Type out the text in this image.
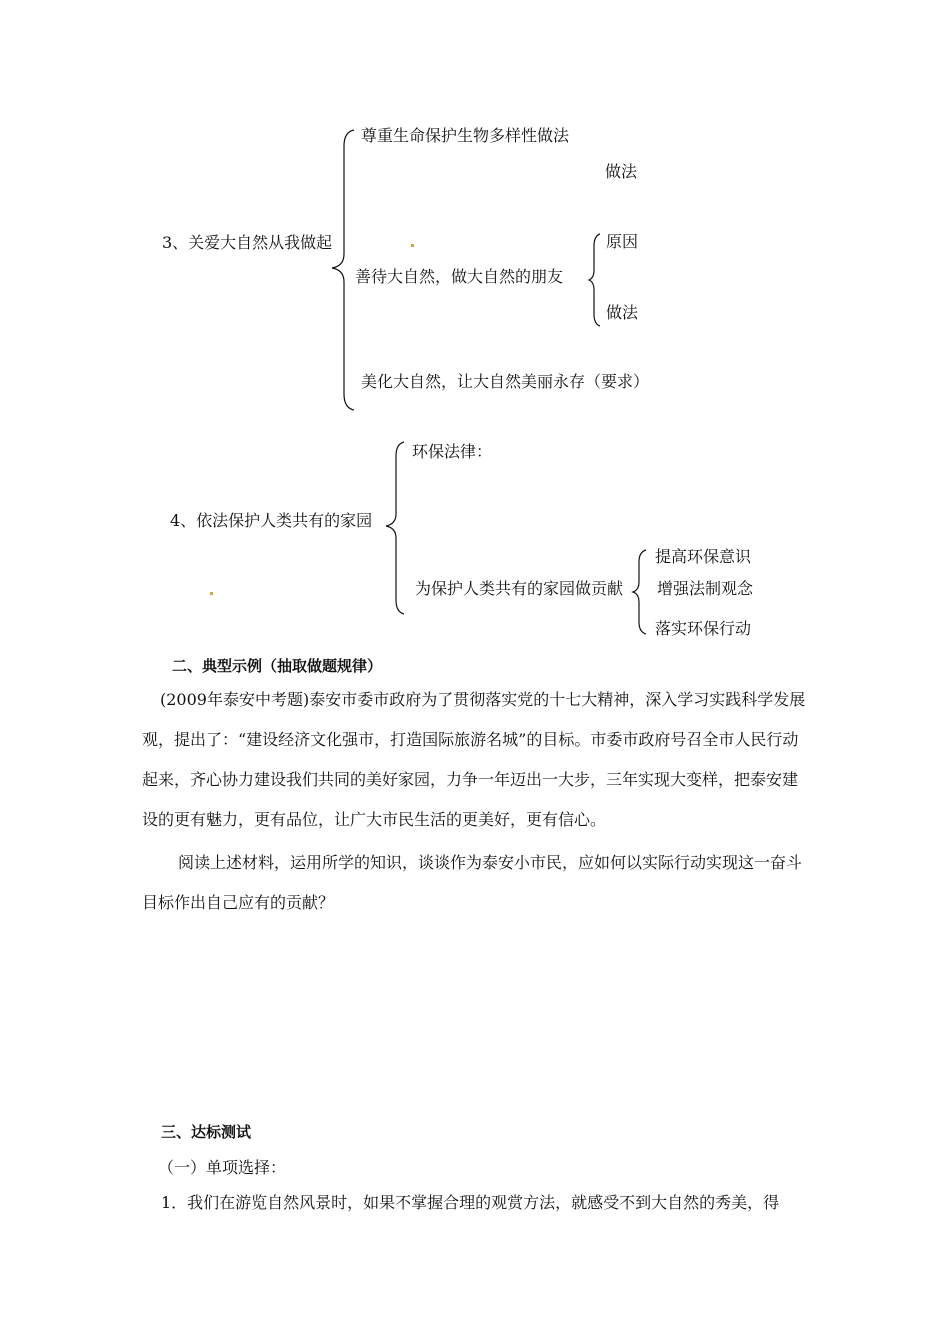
3、关爱大自然从我做起
尊重生命保护生物多样性做法
做法
善待大自然，做大自然的朋友
原因
做法
美化大自然，让大自然美丽永存（要求）
4、依法保护人类共有的家园
环保法律：
为保护人类共有的家园做贡献
提高环保意识
增强法制观念
落实环保行动
二、典型示例（抽取做题规律）
(2009年泰安中考题)泰安市委市政府为了贯彻落实党的十七大精神，深入学习实践科学发展观，提出了：“建设经济文化强市，打造国际旅游名城”的目标。市委市政府号召全市人民行动起来，齐心协力建设我们共同的美好家园，力争一年迈出一大步，三年实现大变样，把泰安建设的更有魅力，更有品位，让广大市民生活的更美好，更有信心。
阅读上述材料，运用所学的知识，谈谈作为泰安小市民，应如何以实际行动实现这一奋斗目标作出自己应有的贡献？
三、达标测试
（一）单项选择：
1．我们在游览自然风景时，如果不掌握合理的观赏方法，就感受不到大自然的秀美，得
